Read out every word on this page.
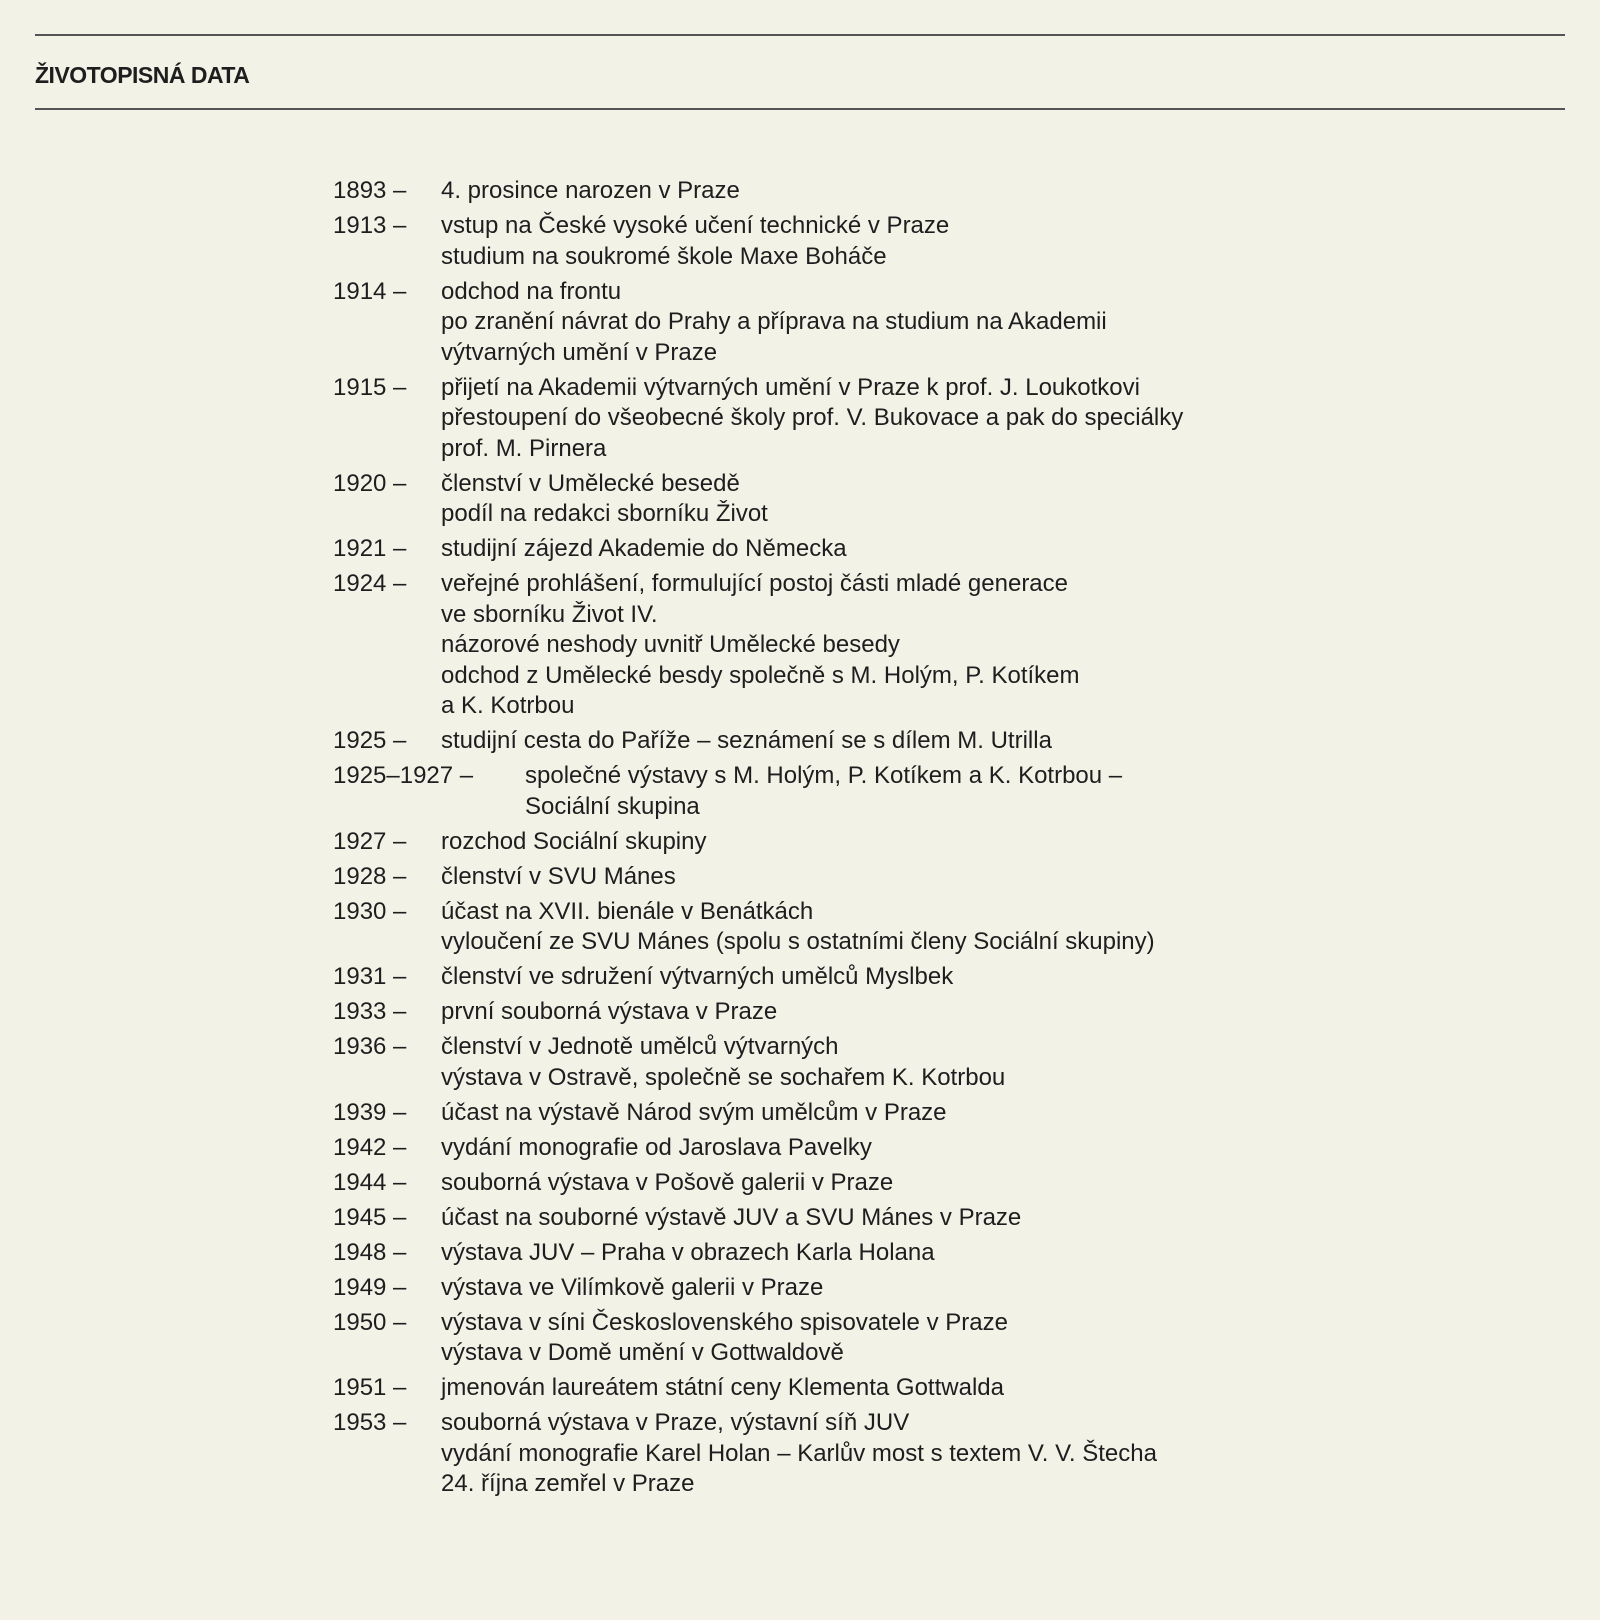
ŽIVOTOPISNÁ DATA
1893 – 4. prosince narozen v Praze
1913 – vstup na České vysoké učení technické v Praze
studium na soukromé škole Maxe Boháče
1914 – odchod na frontu
po zranění návrat do Prahy a příprava na studium na Akademii
výtvarných umění v Praze
1915 – přijetí na Akademii výtvarných umění v Praze k prof. J. Loukotkovi
přestoupení do všeobecné školy prof. V. Bukovace a pak do speciálky
prof. M. Pirnera
1920 – členství v Umělecké besedě
podíl na redakci sborníku Život
1921 – studijní zájezd Akademie do Německa
1924 – veřejné prohlášení, formulující postoj části mladé generace
ve sborníku Život IV.
názorové neshody uvnitř Umělecké besedy
odchod z Umělecké besdy společně s M. Holým, P. Kotíkem
a K. Kotrbou
1925 – studijní cesta do Paříže – seznámení se s dílem M. Utrilla
1925–1927 –	společné výstavy s M. Holým, P. Kotíkem a K. Kotrbou –
Sociální skupina
1927 – rozchod Sociální skupiny
1928 – členství v SVU Mánes
1930 – účast na XVII. bienále v Benátkách
vyloučení ze SVU Mánes (spolu s ostatními členy Sociální skupiny)
1931 – členství ve sdružení výtvarných umělců Myslbek
1933 – první souborná výstava v Praze
1936 – členství v Jednotě umělců výtvarných
výstava v Ostravě, společně se sochařem K. Kotrbou
1939 – účast na výstavě Národ svým umělcům v Praze
1942 – vydání monografie od Jaroslava Pavelky
1944 – souborná výstava v Pošově galerii v Praze
1945 – účast na souborné výstavě JUV a SVU Mánes v Praze
1948 – výstava JUV – Praha v obrazech Karla Holana
1949 – výstava ve Vilímkově galerii v Praze
1950 – výstava v síni Československého spisovatele v Praze
výstava v Domě umění v Gottwaldově
1951 – jmenován laureátem státní ceny Klementa Gottwalda
1953 – souborná výstava v Praze, výstavní síň JUV
vydání monografie Karel Holan – Karlův most s textem V. V. Štecha
24. října zemřel v Praze
